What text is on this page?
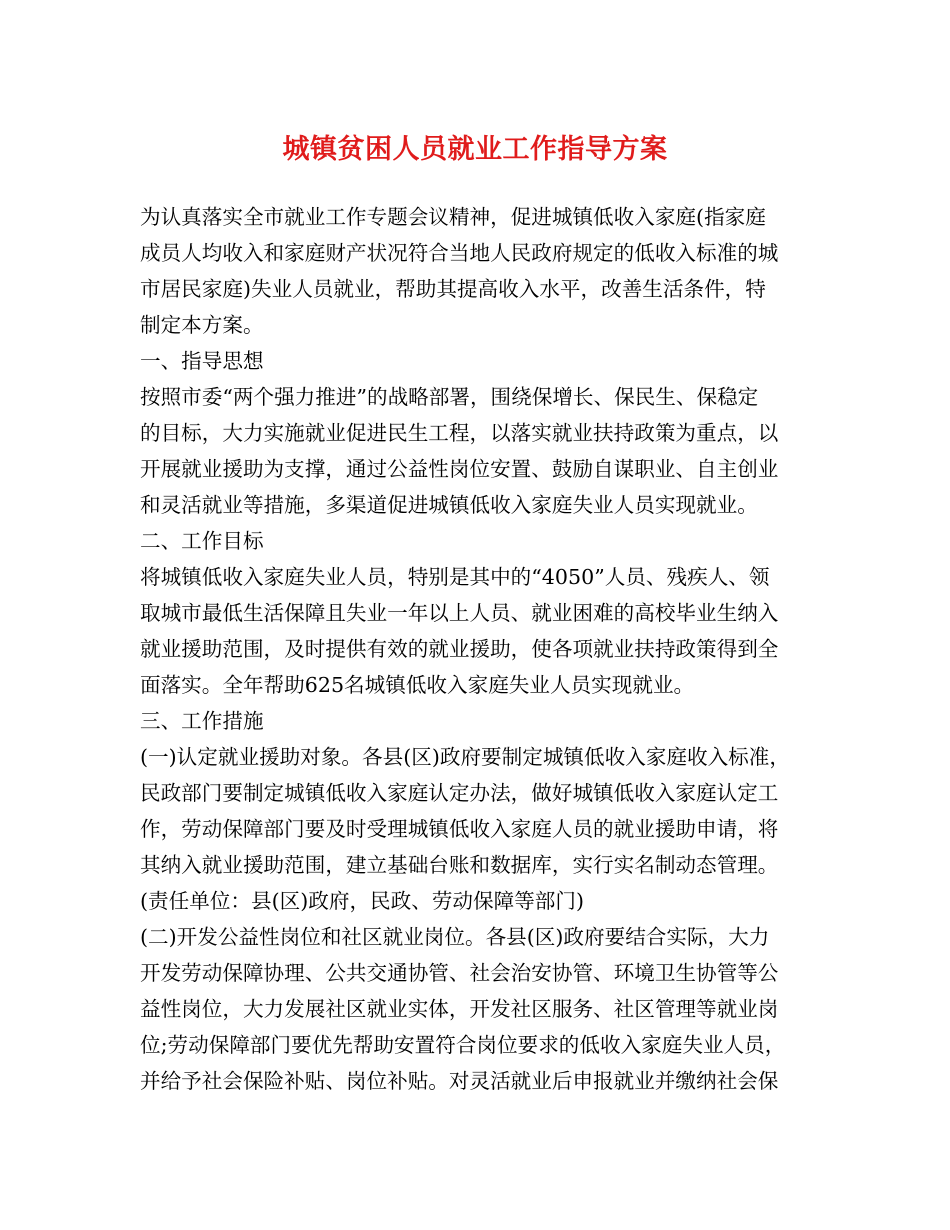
城镇贫困人员就业工作指导方案
为认真落实全市就业工作专题会议精神，促进城镇低收入家庭(指家庭
成员人均收入和家庭财产状况符合当地人民政府规定的低收入标准的城
市居民家庭)失业人员就业，帮助其提高收入水平，改善生活条件，特
制定本方案。
一、指导思想
按照市委“两个强力推进”的战略部署，围绕保增长、保民生、保稳定
的目标，大力实施就业促进民生工程，以落实就业扶持政策为重点，以
开展就业援助为支撑，通过公益性岗位安置、鼓励自谋职业、自主创业
和灵活就业等措施，多渠道促进城镇低收入家庭失业人员实现就业。
二、工作目标
将城镇低收入家庭失业人员，特别是其中的“4050”人员、残疾人、领
取城市最低生活保障且失业一年以上人员、就业困难的高校毕业生纳入
就业援助范围，及时提供有效的就业援助，使各项就业扶持政策得到全
面落实。全年帮助625名城镇低收入家庭失业人员实现就业。
三、工作措施
(一)认定就业援助对象。各县(区)政府要制定城镇低收入家庭收入标准，
民政部门要制定城镇低收入家庭认定办法，做好城镇低收入家庭认定工
作，劳动保障部门要及时受理城镇低收入家庭人员的就业援助申请，将
其纳入就业援助范围，建立基础台账和数据库，实行实名制动态管理。
(责任单位：县(区)政府，民政、劳动保障等部门)
(二)开发公益性岗位和社区就业岗位。各县(区)政府要结合实际，大力
开发劳动保障协理、公共交通协管、社会治安协管、环境卫生协管等公
益性岗位，大力发展社区就业实体，开发社区服务、社区管理等就业岗
位;劳动保障部门要优先帮助安置符合岗位要求的低收入家庭失业人员，
并给予社会保险补贴、岗位补贴。对灵活就业后申报就业并缴纳社会保
